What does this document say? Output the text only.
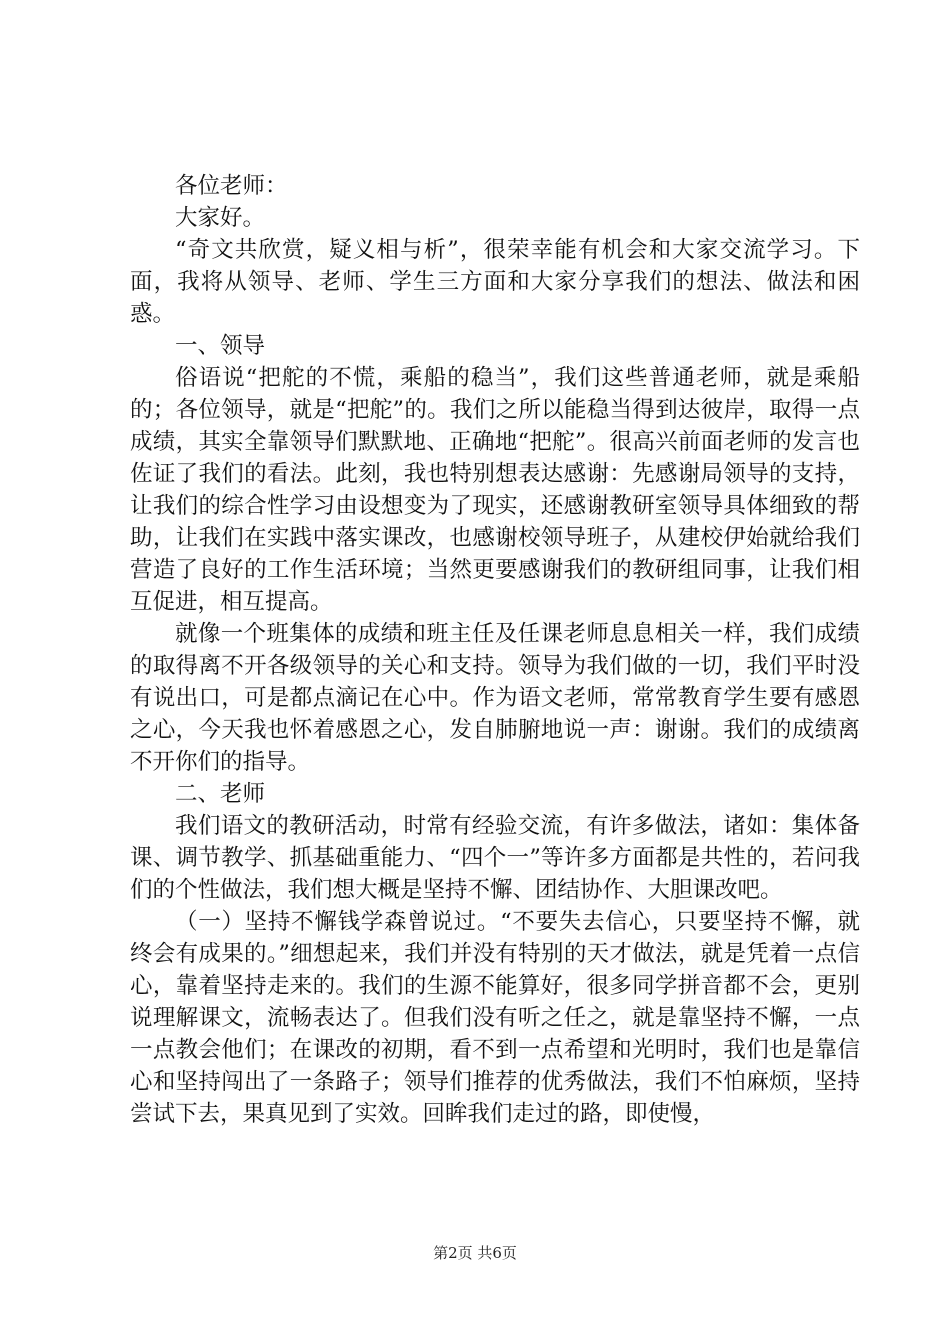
各位老师：

大家好。

“奇文共欣赏，疑义相与析”，很荣幸能有机会和大家交流学习。下面，我将从领导、老师、学生三方面和大家分享我们的想法、做法和困惑。

一、领导

俗语说“把舵的不慌，乘船的稳当”，我们这些普通老师，就是乘船的；各位领导，就是“把舵”的。我们之所以能稳当得到达彼岸，取得一点成绩，其实全靠领导们默默地、正确地“把舵”。很高兴前面老师的发言也佐证了我们的看法。此刻，我也特别想表达感谢：先感谢局领导的支持，让我们的综合性学习由设想变为了现实，还感谢教研室领导具体细致的帮助，让我们在实践中落实课改，也感谢校领导班子，从建校伊始就给我们营造了良好的工作生活环境；当然更要感谢我们的教研组同事，让我们相互促进，相互提高。

就像一个班集体的成绩和班主任及任课老师息息相关一样，我们成绩的取得离不开各级领导的关心和支持。领导为我们做的一切，我们平时没有说出口，可是都点滴记在心中。作为语文老师，常常教育学生要有感恩之心，今天我也怀着感恩之心，发自肺腑地说一声：谢谢。我们的成绩离不开你们的指导。

二、老师

我们语文的教研活动，时常有经验交流，有许多做法，诸如：集体备课、调节教学、抓基础重能力、“四个一”等许多方面都是共性的，若问我们的个性做法，我们想大概是坚持不懈、团结协作、大胆课改吧。

（一）坚持不懈钱学森曾说过。“不要失去信心，只要坚持不懈，就终会有成果的。”细想起来，我们并没有特别的天才做法，就是凭着一点信心，靠着坚持走来的。我们的生源不能算好，很多同学拼音都不会，更别说理解课文，流畅表达了。但我们没有听之任之，就是靠坚持不懈，一点一点教会他们；在课改的初期，看不到一点希望和光明时，我们也是靠信心和坚持闯出了一条路子；领导们推荐的优秀做法，我们不怕麻烦，坚持尝试下去，果真见到了实效。回眸我们走过的路，即使慢，

第2页 共6页
